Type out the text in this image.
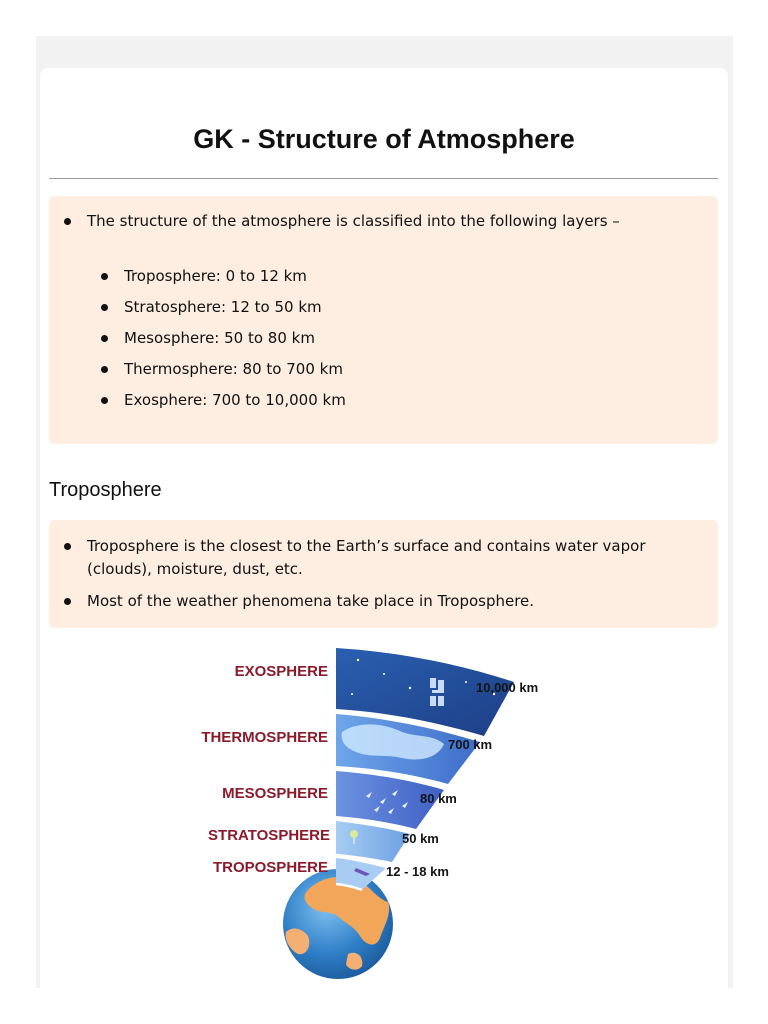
GK - Structure of Atmosphere
The structure of the atmosphere is classified into the following layers –
Troposphere: 0 to 12 km
Stratosphere: 12 to 50 km
Mesosphere: 50 to 80 km
Thermosphere: 80 to 700 km
Exosphere: 700 to 10,000 km
Troposphere
Troposphere is the closest to the Earth’s surface and contains water vapor (clouds), moisture, dust, etc.
Most of the weather phenomena take place in Troposphere.
EXOSPHERE
THERMOSPHERE
MESOSPHERE
STRATOSPHERE
TROPOSPHERE
10,000 km
700 km
80 km
50 km
12 - 18 km
